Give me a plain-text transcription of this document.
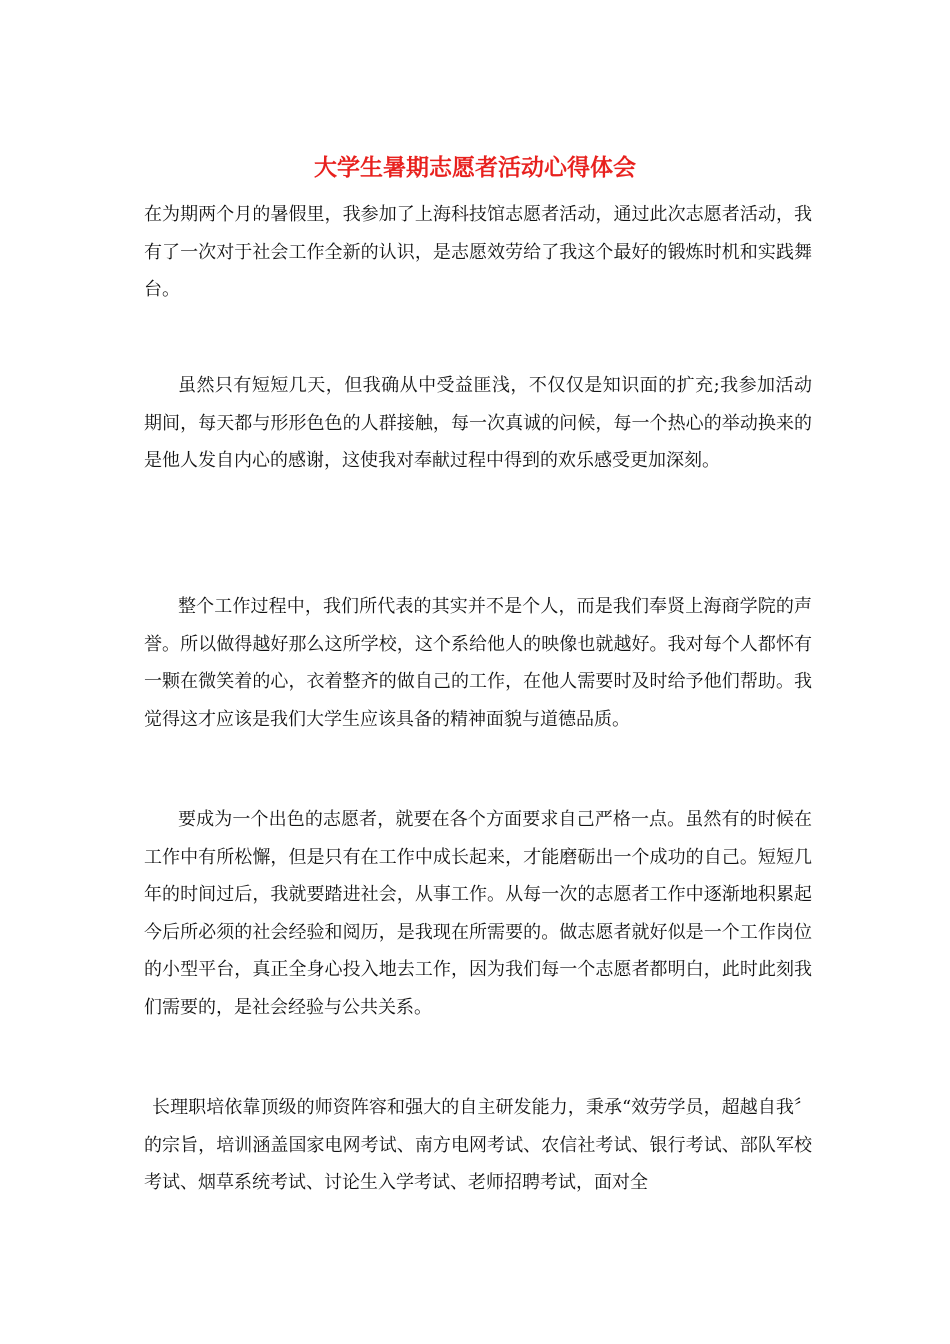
大学生暑期志愿者活动心得体会

在为期两个月的暑假里，我参加了上海科技馆志愿者活动，通过此次志愿者活动，我有了一次对于社会工作全新的认识，是志愿效劳给了我这个最好的锻炼时机和实践舞台。

虽然只有短短几天，但我确从中受益匪浅，不仅仅是知识面的扩充;我参加活动期间，每天都与形形色色的人群接触，每一次真诚的问候，每一个热心的举动换来的是他人发自内心的感谢，这使我对奉献过程中得到的欢乐感受更加深刻。

整个工作过程中，我们所代表的其实并不是个人，而是我们奉贤上海商学院的声誉。所以做得越好那么这所学校，这个系给他人的映像也就越好。我对每个人都怀有一颗在微笑着的心，衣着整齐的做自己的工作，在他人需要时及时给予他们帮助。我觉得这才应该是我们大学生应该具备的精神面貌与道德品质。

要成为一个出色的志愿者，就要在各个方面要求自己严格一点。虽然有的时候在工作中有所松懈，但是只有在工作中成长起来，才能磨砺出一个成功的自己。短短几年的时间过后，我就要踏进社会，从事工作。从每一次的志愿者工作中逐渐地积累起今后所必须的社会经验和阅历，是我现在所需要的。做志愿者就好似是一个工作岗位的小型平台，真正全身心投入地去工作，因为我们每一个志愿者都明白，此时此刻我们需要的，是社会经验与公共关系。

长理职培依靠顶级的师资阵容和强大的自主研发能力，秉承“效劳学员，超越自我〞的宗旨，培训涵盖国家电网考试、南方电网考试、农信社考试、银行考试、部队军校考试、烟草系统考试、讨论生入学考试、老师招聘考试，面对全
